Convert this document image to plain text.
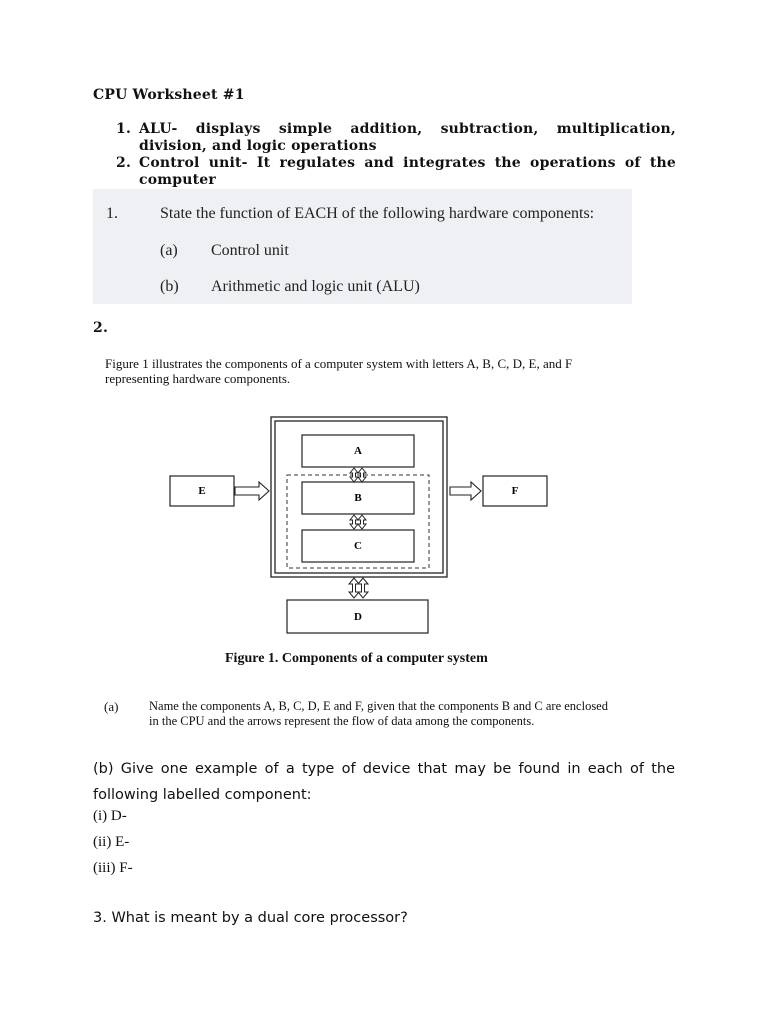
CPU Worksheet #1
1. ALU- displays simple addition, subtraction, multiplication, division, and logic operations
2. Control unit- It regulates and integrates the operations of the computer
1.	State the function of EACH of the following hardware components:
(a) Control unit
(b) Arithmetic and logic unit (ALU)
2.
Figure 1 illustrates the components of a computer system with letters A, B, C, D, E, and F
representing hardware components.
A
B
C
D
E	F
Figure 1. Components of a computer system
(a) Name the components A, B, C, D, E and F, given that the components B and C are enclosed
in the CPU and the arrows represent the flow of data among the components.
(b) Give one example of a type of device that may be found in each of the following labelled component:
(i) D-
(ii) E-
(iii) F-
3. What is meant by a dual core processor?
